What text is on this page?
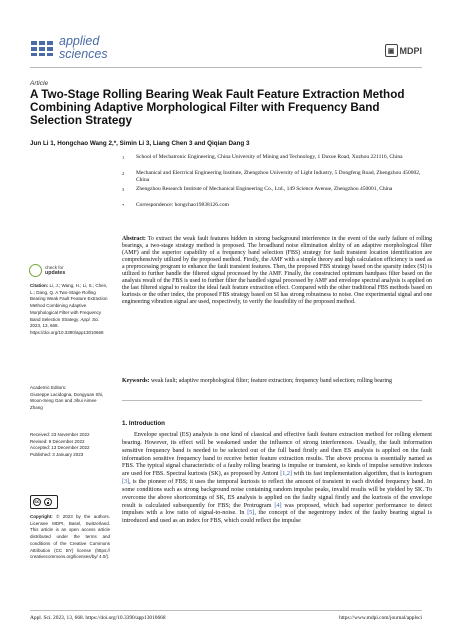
applied
sciences	▣ MDPI
Article
A Two-Stage Rolling Bearing Weak Fault Feature Extraction Method Combining Adaptive Morphological Filter with Frequency Band Selection Strategy
Jun Li 1, Hongchao Wang 2,*, Simin Li 3, Liang Chen 3 and Qiqian Dang 3
1 School of Mechatronic Engineering, China University of Mining and Technology, 1 Daxue Road, Xuzhou 221116, China
2 Mechanical and Electrical Engineering Institute, Zhengzhou University of Light Industry, 5 Dongfeng Road, Zhengzhou 450002, China
3 Zhengzhou Research Institute of Mechanical Engineering Co., Ltd., 149 Science Avenue, Zhengzhou 450001, China
* Correspondence: hongchao19838126.com
Abstract: To extract the weak fault features hidden in strong background interference in the event of the early failure of rolling bearings, a two-stage strategy method is proposed. The broadband noise elimination ability of an adaptive morphological filter (AMF) and the superior capability of a frequency band selection (FBS) strategy for fault transient location identification are comprehensively utilized by the proposed method. Firstly, the AMF with a simple theory and high calculation efficiency is used as a preprocessing program to enhance the fault transient features. Then, the proposed FBS strategy based on the sparsity index (SI) is utilized to further handle the filtered signal processed by the AMF. Finally, the constructed optimum bandpass filter based on the analysis result of the FBS is used to further filter the handled signal processed by AMF and envelope spectral analysis is applied on the last filtered signal to realize the ideal fault feature extraction effect. Compared with the other traditional FBS methods based on kurtosis or the other index, the proposed FBS strategy based on SI has strong robustness to noise. One experimental signal and one engineering vibration signal are used, respectively, to verify the feasibility of the proposed method.
Keywords: weak fault; adaptive morphological filter; feature extraction; frequency band selection; rolling bearing
1. Introduction
Envelope spectral (ES) analysis is one kind of classical and effective fault feature extraction method for rolling element bearing. However, its effect will be weakened under the influence of strong interferences. Usually, the fault information sensitive frequency band is needed to be selected out of the full band firstly and then ES analysis is applied on the fault information sensitive frequency band to receive better feature extraction results. The above process is essentially named as FBS. The typical signal characteristic of a faulty rolling bearing is impulse or transient, so kinds of impulse sensitive indexes are used for FBS. Spectral kurtosis (SK), as proposed by Antoni [1,2] with its fast implementation algorithm, that is kurtogram [3], is the pioneer of FBS; it uses the temporal kurtosis to reflect the amount of transient in each divided frequency band. In some conditions such as strong background noise containing random impulse peaks, invalid results will be yielded by SK. To overcome the above shortcomings of SK, ES analysis is applied on the faulty signal firstly and the kurtosis of the envelope result is calculated subsequently for FBS; the Protrugram [4] was proposed, which had superior performance to detect impulses with a low ratio of signal-to-noise. In [5], the concept of the negentropy index of the faulty bearing signal is introduced and used as an index for FBS, which could reflect the impulse
check for
updates
Citation: Li, J.; Wang, H.; Li, S.; Chen, L.; Dang, Q. A Two-Stage Rolling Bearing Weak Fault Feature Extraction Method Combining Adaptive Morphological Filter with Frequency Band Selection Strategy. Appl. Sci. 2023, 13, 668. https://doi.org/10.3390/app13010668
Academic Editors:
Giuseppe Lacidogna, Dongyuan Shi, Woon-Seng Gan and Jihui Aimee Zhang
Received: 23 November 2022
Revised: 9 December 2022
Accepted: 13 December 2022
Published: 3 January 2023
cc
Copyright: © 2023 by the authors. Licensee MDPI, Basel, Switzerland. This article is an open access article distributed under the terms and conditions of the Creative Commons Attribution (CC BY) license (https:// creativecommons.org/licenses/by/ 4.0/).
Appl. Sci. 2023, 13, 668. https://doi.org/10.3390/app13010668	https://www.mdpi.com/journal/applsci
